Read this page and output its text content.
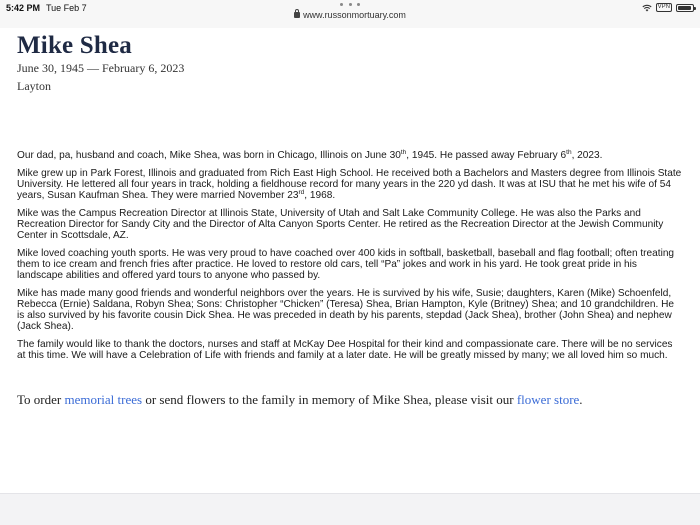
5:42 PM Tue Feb 7
www.russonmortuary.com
VPN
Mike Shea
June 30, 1945 — February 6, 2023
Layton

Our dad, pa, husband and coach, Mike Shea, was born in Chicago, Illinois on June 30th, 1945. He passed away February 6th, 2023.

Mike grew up in Park Forest, Illinois and graduated from Rich East High School. He received both a Bachelors and Masters degree from Illinois State University. He lettered all four years in track, holding a fieldhouse record for many years in the 220 yd dash. It was at ISU that he met his wife of 54 years, Susan Kaufman Shea. They were married November 23rd, 1968.

Mike was the Campus Recreation Director at Illinois State, University of Utah and Salt Lake Community College. He was also the Parks and Recreation Director for Sandy City and the Director of Alta Canyon Sports Center. He retired as the Recreation Director at the Jewish Community Center in Scottsdale, AZ.

Mike loved coaching youth sports. He was very proud to have coached over 400 kids in softball, basketball, baseball and flag football; often treating them to ice cream and french fries after practice. He loved to restore old cars, tell “Pa” jokes and work in his yard. He took great pride in his landscape abilities and offered yard tours to anyone who passed by.

Mike has made many good friends and wonderful neighbors over the years. He is survived by his wife, Susie; daughters, Karen (Mike) Schoenfeld, Rebecca (Ernie) Saldana, Robyn Shea; Sons: Christopher “Chicken” (Teresa) Shea, Brian Hampton, Kyle (Britney) Shea; and 10 grandchildren. He is also survived by his favorite cousin Dick Shea. He was preceded in death by his parents, stepdad (Jack Shea), brother (John Shea) and nephew (Jack Shea).

The family would like to thank the doctors, nurses and staff at McKay Dee Hospital for their kind and compassionate care. There will be no services at this time. We will have a Celebration of Life with friends and family at a later date. He will be greatly missed by many; we all loved him so much.

To order memorial trees or send flowers to the family in memory of Mike Shea, please visit our flower store.
